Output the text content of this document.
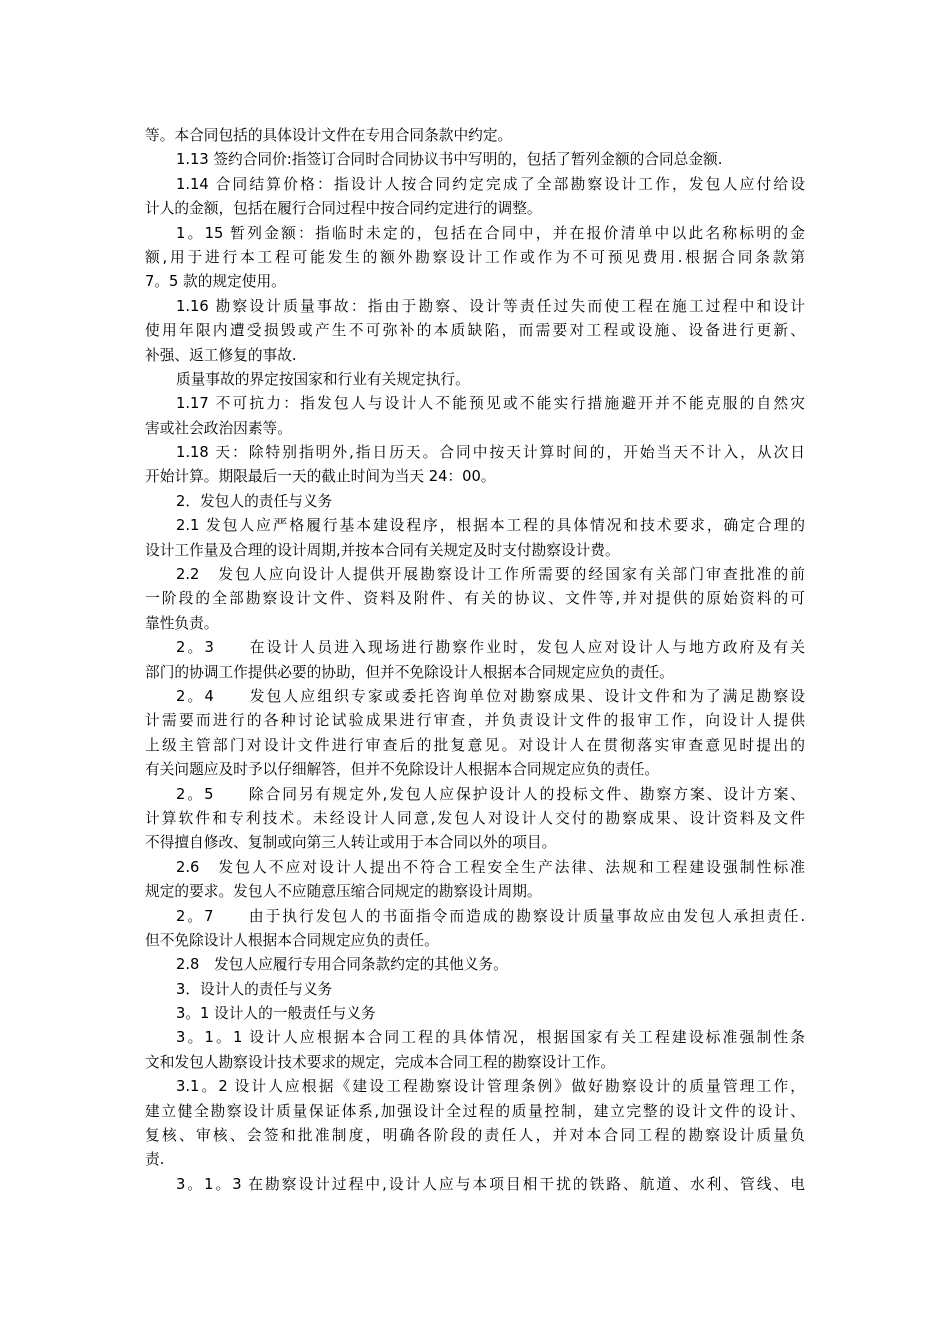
等。本合同包括的具体设计文件在专用合同条款中约定。
1.13 签约合同价:指签订合同时合同协议书中写明的，包括了暂列金额的合同总金额.
1.14 合同结算价格：指设计人按合同约定完成了全部勘察设计工作，发包人应付给设
计人的金额，包括在履行合同过程中按合同约定进行的调整。
1。15 暂列金额：指临时未定的，包括在合同中，并在报价清单中以此名称标明的金
额,用于进行本工程可能发生的额外勘察设计工作或作为不可预见费用.根据合同条款第
7。5 款的规定使用。
1.16 勘察设计质量事故：指由于勘察、设计等责任过失而使工程在施工过程中和设计
使用年限内遭受损毁或产生不可弥补的本质缺陷，而需要对工程或设施、设备进行更新、
补强、返工修复的事故.
质量事故的界定按国家和行业有关规定执行。
1.17 不可抗力：指发包人与设计人不能预见或不能实行措施避开并不能克服的自然灾
害或社会政治因素等。
1.18 天：除特别指明外,指日历天。合同中按天计算时间的，开始当天不计入，从次日
开始计算。期限最后一天的截止时间为当天 24：00。
2．发包人的责任与义务
2.1 发包人应严格履行基本建设程序，根据本工程的具体情况和技术要求，确定合理的
设计工作量及合理的设计周期,并按本合同有关规定及时支付勘察设计费。
2.2　发包人应向设计人提供开展勘察设计工作所需要的经国家有关部门审查批准的前
一阶段的全部勘察设计文件、资料及附件、有关的协议、文件等,并对提供的原始资料的可
靠性负责。
2。3　　在设计人员进入现场进行勘察作业时，发包人应对设计人与地方政府及有关
部门的协调工作提供必要的协助，但并不免除设计人根据本合同规定应负的责任。
2。4　　发包人应组织专家或委托咨询单位对勘察成果、设计文件和为了满足勘察设
计需要而进行的各种讨论试验成果进行审查，并负责设计文件的报审工作，向设计人提供
上级主管部门对设计文件进行审查后的批复意见。对设计人在贯彻落实审查意见时提出的
有关问题应及时予以仔细解答，但并不免除设计人根据本合同规定应负的责任。
2。5　　除合同另有规定外,发包人应保护设计人的投标文件、勘察方案、设计方案、
计算软件和专利技术。未经设计人同意,发包人对设计人交付的勘察成果、设计资料及文件
不得擅自修改、复制或向第三人转让或用于本合同以外的项目。
2.6　发包人不应对设计人提出不符合工程安全生产法律、法规和工程建设强制性标准
规定的要求。发包人不应随意压缩合同规定的勘察设计周期。
2。7　　由于执行发包人的书面指令而造成的勘察设计质量事故应由发包人承担责任.
但不免除设计人根据本合同规定应负的责任。
2.8　发包人应履行专用合同条款约定的其他义务。
3．设计人的责任与义务
3。1 设计人的一般责任与义务
3。1。1 设计人应根据本合同工程的具体情况，根据国家有关工程建设标准强制性条
文和发包人勘察设计技术要求的规定，完成本合同工程的勘察设计工作。
3.1。2 设计人应根据《建设工程勘察设计管理条例》做好勘察设计的质量管理工作，
建立健全勘察设计质量保证体系,加强设计全过程的质量控制，建立完整的设计文件的设计、
复核、审核、会签和批准制度，明确各阶段的责任人，并对本合同工程的勘察设计质量负
责.
3。1。3 在勘察设计过程中,设计人应与本项目相干扰的铁路、航道、水利、管线、电
